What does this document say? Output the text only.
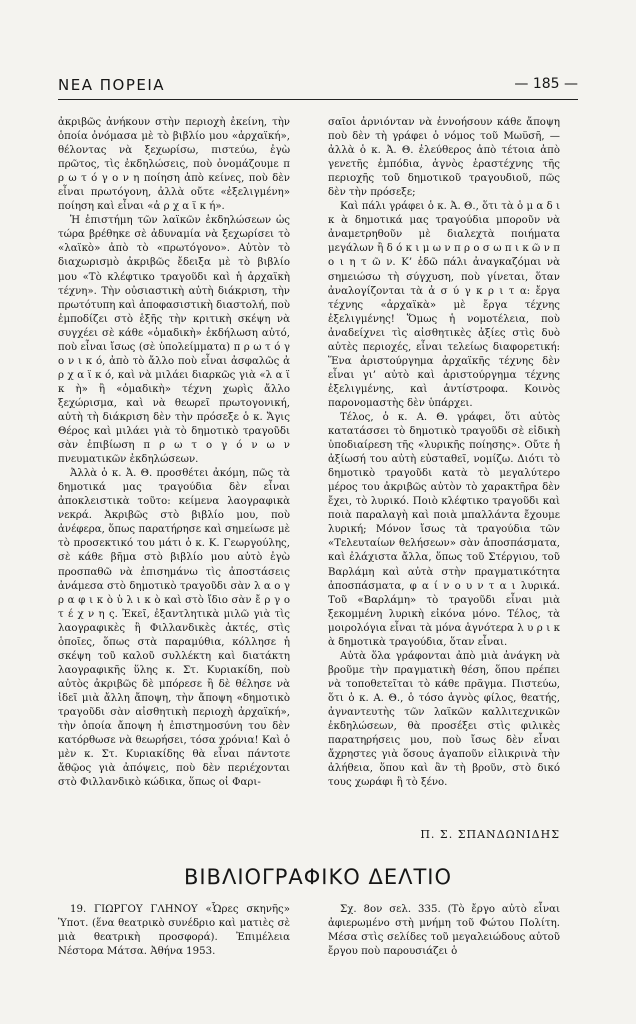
ΝΕΑ ΠΟΡΕΙΑ	— 185 —

ἀκριβῶς ἀνήκουν στὴν περιοχὴ ἐκείνη, τὴν ὁποία ὀνόμασα μὲ τὸ βιβλίο μου «ἀρχαϊκή», θέλοντας νὰ ξεχωρίσω, πιστεύω, ἐγὼ πρῶτος, τὶς ἐκδηλώσεις, ποὺ ὀνομάζουμε π ρ ω τ ό γ ο ν η ποίηση ἀπὸ κείνες, ποὺ δὲν εἶναι πρωτόγονη, ἀλλὰ οὔτε «ἐξελιγμένη» ποίηση καὶ εἶναι «ἀ ρ χ α ϊ κ ή».

Ἡ ἐπιστήμη τῶν λαϊκῶν ἐκδηλώσεων ὡς τώρα βρέθηκε σὲ ἀδυναμία νὰ ξεχωρίσει τὸ «λαϊκὸ» ἀπὸ τὸ «πρωτόγονο». Αὐτὸν τὸ διαχωρισμὸ ἀκριβῶς ἔδειξα μὲ τὸ βιβλίο μου «Τὸ κλέφτικο τραγοῦδι καὶ ἡ ἀρχαϊκὴ τέχνη». Τὴν οὐσιαστικὴ αὐτὴ διάκριση, τὴν πρωτότυπη καὶ ἀποφασιστικὴ διαστολή, ποὺ ἐμποδίζει στὸ ἑξῆς τὴν κριτικὴ σκέψη νὰ συγχέει σὲ κάθε «ὁμαδικὴ» ἐκδήλωση αὐτό, ποὺ εἶναι ἴσως (σὲ ὑπολείμματα) π ρ ω τ ό γ ο ν ι κ ό, ἀπὸ τὸ ἄλλο ποὺ εἶναι ἀσφαλῶς ἀ ρ χ α ϊ κ ό, καὶ νὰ μιλάει διαρκῶς γιὰ «λ α ϊ κ ὴ» ἢ «ὁμαδικὴ» τέχνη χωρὶς ἄλλο ξεχώρισμα, καὶ νὰ θεωρεῖ πρωτογονική, αὐτὴ τὴ διάκριση δὲν τὴν πρόσεξε ὁ κ. Ἄγις Θέρος καὶ μιλάει γιὰ τὸ δημοτικὸ τραγοῦδι σὰν ἐπιβίωση π ρ ω τ ο γ ό ν ω ν πνευματικῶν ἐκδηλώσεων.

Ἀλλὰ ὁ κ. Ἀ. Θ. προσθέτει ἀκόμη, πῶς τὰ δημοτικά μας τραγούδια δὲν εἶναι ἀποκλειστικὰ τοῦτο: κείμενα λαογραφικὰ νεκρά. Ἀκριβῶς στὸ βιβλίο μου, ποὺ ἀνέφερα, ὅπως παρατήρησε καὶ σημείωσε μὲ τὸ προσεκτικό του μάτι ὁ κ. Κ. Γεωργούλης, σὲ κάθε βῆμα στὸ βιβλίο μου αὐτὸ ἐγὼ προσπαθῶ νὰ ἐπισημάνω τὶς ἀποστάσεις ἀνάμεσα στὸ δημοτικὸ τραγοῦδι σὰν λ α ο γ ρ α φ ι κ ὸ ὑ λ ι κ ὸ καὶ στὸ ἴδιο σὰν ἔ ρ γ ο τ έ χ ν η ς. Ἐκεῖ, ἐξαντλητικὰ μιλῶ γιὰ τὶς λαογραφικὲς ἢ Φιλλανδικὲς ἀκτές, στὶς ὁποῖες, ὅπως στὰ παραμύθια, κόλλησε ἡ σκέψη τοῦ καλοῦ συλλέκτη καὶ διατάκτη λαογραφικῆς ὕλης κ. Στ. Κυριακίδη, ποὺ αὐτὸς ἀκριβῶς δὲ μπόρεσε ἢ δὲ θέλησε νὰ ἰδεῖ μιὰ ἄλλη ἄποψη, τὴν ἄποψη «δημοτικὸ τραγοῦδι σὰν αἰσθητικὴ περιοχὴ ἀρχαϊκή», τὴν ὁποία ἄποψη ἡ ἐπιστημοσύνη του δὲν κατόρθωσε νὰ θεωρήσει, τόσα χρόνια! Καὶ ὁ μὲν κ. Στ. Κυριακίδης θὰ εἶναι πάντοτε ἄθῷος γιὰ ἀπόψεις, ποὺ δὲν περιέχονται στὸ Φιλλανδικὸ κώδικα, ὅπως οἱ Φαρι-

σαῖοι ἀρνιόνταν νὰ ἐννοήσουν κάθε ἄποψη ποὺ δὲν τὴ γράφει ὁ νόμος τοῦ Μωϋσῆ, —ἀλλὰ ὁ κ. Ἀ. Θ. ἐλεύθερος ἀπὸ τέτοια ἀπὸ γενετῆς ἐμπόδια, ἁγνὸς ἐραστέχνης τῆς περιοχῆς τοῦ δημοτικοῦ τραγουδιοῦ, πῶς δὲν τὴν πρόσεξε;

Καὶ πάλι γράφει ὁ κ. Ἀ. Θ., ὅτι τὰ ὁ μ α δ ι κ ὰ δημοτικά μας τραγούδια μποροῦν νὰ ἀναμετρηθοῦν μὲ διαλεχτὰ ποιήματα μεγάλων ἢ δ ό κ ι μ ω ν π ρ ο σ ω π ι κ ῶ ν π ο ι η τ ῶ ν. Κ’ ἐδῶ πάλι ἀναγκαζόμαι νὰ σημειώσω τὴ σύγχυση, ποὺ γίνεται, ὅταν ἀναλογίζονται τὰ ἀ σ ύ γ κ ρ ι τ α: ἔργα τέχνης «ἀρχαϊκὰ» μὲ ἔργα τέχνης ἐξελιγμένης! Ὅμως ἡ νομοτέλεια, ποὺ ἀναδείχνει τὶς αἰσθητικὲς ἀξίες στὶς δυὸ αὐτὲς περιοχές, εἶναι τελείως διαφορετική: Ἕνα ἀριστούργημα ἀρχαϊκῆς τέχνης δὲν εἶναι γι’ αὐτὸ καὶ ἀριστούργημα τέχνης ἐξελιγμένης, καὶ ἀντίστροφα. Κοινὸς παρονομαστὴς δὲν ὑπάρχει.

Τέλος, ὁ κ. Α. Θ. γράφει, ὅτι αὐτὸς κατατάσσει τὸ δημοτικὸ τραγοῦδι σὲ εἰδικὴ ὑποδιαίρεση τῆς «λυρικῆς ποίησης». Οὔτε ἡ ἀξίωσή του αὐτὴ εὐσταθεῖ, νομίζω. Διότι τὸ δημοτικὸ τραγοῦδι κατὰ τὸ μεγαλύτερο μέρος του ἀκριβῶς αὐτὸν τὸ χαρακτῆρα δὲν ἔχει, τὸ λυρικό. Ποιὸ κλέφτικο τραγοῦδι καὶ ποιὰ παραλαγὴ καὶ ποιὰ μπαλλάντα ἔχουμε λυρική; Μόνον ἴσως τὰ τραγούδια τῶν «Τελευταίων θελήσεων» σὰν ἀποσπάσματα, καὶ ἐλάχιστα ἄλλα, ὅπως τοῦ Στέργιου, τοῦ Βαρλάμη καὶ αὐτὰ στὴν πραγματικότητα ἀποσπάσματα, φ α ί ν ο υ ν τ α ι λυρικά. Τοῦ «Βαρλάμη» τὸ τραγοῦδι εἶναι μιὰ ξεκομμένη λυρικὴ εἰκόνα μόνο. Τέλος, τὰ μοιρολόγια εἶναι τὰ μόνα ἁγνότερα λ υ ρ ι κ ὰ δημοτικὰ τραγούδια, ὅταν εἶναι.

Αὐτὰ ὅλα γράφονται ἀπὸ μιὰ ἀνάγκη νὰ βροῦμε τὴν πραγματικὴ θέση, ὅπου πρέπει νὰ τοποθετεῖται τὸ κάθε πρᾶγμα. Πιστεύω, ὅτι ὁ κ. Α. Θ., ὁ τόσο ἁγνὸς φίλος, θεατής, ἀγναντευτὴς τῶν λαϊκῶν καλλιτεχνικῶν ἐκδηλώσεων, θὰ προσέξει στὶς φιλικὲς παρατηρήσεις μου, ποὺ ἴσως δὲν εἶναι ἄχρηστες γιὰ ὅσους ἀγαποῦν εἰλικρινὰ τὴν ἀλήθεια, ὅπου καὶ ἂν τὴ βροῦν, στὸ δικό τους χωράφι ἢ τὸ ξένο.

Π. Σ. ΣΠΑΝΔΩΝΙΔΗΣ
ΒΙΒΛΙΟΓΡΑΦΙΚΟ ΔΕΛΤΙΟ
19. ΓΙΩΡΓΟΥ ΓΛΗΝΟΥ «Ὧρες σκηνῆς» Ὑποτ. (ἕνα θεατρικὸ συνέδριο καὶ ματιὲς σὲ μιὰ θεατρικὴ προσφορά). Ἐπιμέλεια Νέστορα Μάτσα. Ἀθήνα 1953.
Σχ. 8ον σελ. 335. (Τὸ ἔργο αὐτὸ εἶναι ἀφιερωμένο στὴ μνήμη τοῦ Φώτου Πολίτη. Μέσα στὶς σελίδες τοῦ μεγαλειώδους αὐτοῦ ἔργου ποὺ παρουσιάζει ὁ
